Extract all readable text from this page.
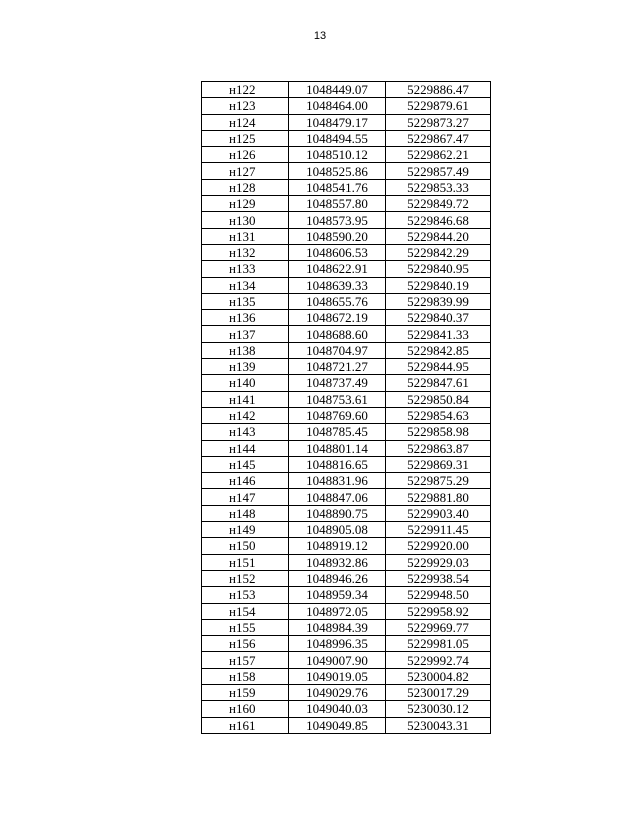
13
н122	1048449.07	5229886.47
н123	1048464.00	5229879.61
н124	1048479.17	5229873.27
н125	1048494.55	5229867.47
н126	1048510.12	5229862.21
н127	1048525.86	5229857.49
н128	1048541.76	5229853.33
н129	1048557.80	5229849.72
н130	1048573.95	5229846.68
н131	1048590.20	5229844.20
н132	1048606.53	5229842.29
н133	1048622.91	5229840.95
н134	1048639.33	5229840.19
н135	1048655.76	5229839.99
н136	1048672.19	5229840.37
н137	1048688.60	5229841.33
н138	1048704.97	5229842.85
н139	1048721.27	5229844.95
н140	1048737.49	5229847.61
н141	1048753.61	5229850.84
н142	1048769.60	5229854.63
н143	1048785.45	5229858.98
н144	1048801.14	5229863.87
н145	1048816.65	5229869.31
н146	1048831.96	5229875.29
н147	1048847.06	5229881.80
н148	1048890.75	5229903.40
н149	1048905.08	5229911.45
н150	1048919.12	5229920.00
н151	1048932.86	5229929.03
н152	1048946.26	5229938.54
н153	1048959.34	5229948.50
н154	1048972.05	5229958.92
н155	1048984.39	5229969.77
н156	1048996.35	5229981.05
н157	1049007.90	5229992.74
н158	1049019.05	5230004.82
н159	1049029.76	5230017.29
н160	1049040.03	5230030.12
н161	1049049.85	5230043.31
